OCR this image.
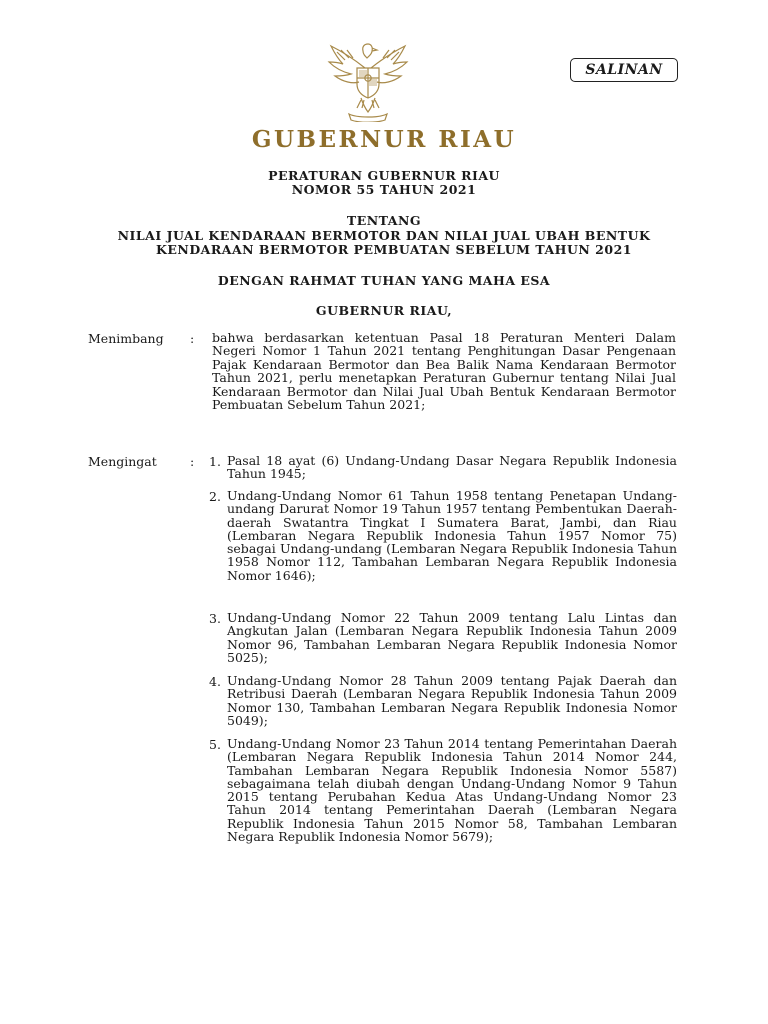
SALINAN
GUBERNUR RIAU
PERATURAN GUBERNUR RIAU
NOMOR 55 TAHUN 2021
TENTANG
NILAI JUAL KENDARAAN BERMOTOR DAN NILAI JUAL UBAH BENTUK
KENDARAAN BERMOTOR PEMBUATAN SEBELUM TAHUN 2021
DENGAN RAHMAT TUHAN YANG MAHA ESA
GUBERNUR RIAU,
Menimbang : bahwa berdasarkan ketentuan Pasal 18 Peraturan Menteri Dalam Negeri Nomor 1 Tahun 2021 tentang Penghitungan Dasar Pengenaan Pajak Kendaraan Bermotor dan Bea Balik Nama Kendaraan Bermotor Tahun 2021, perlu menetapkan Peraturan Gubernur tentang Nilai Jual Kendaraan Bermotor dan Nilai Jual Ubah Bentuk Kendaraan Bermotor Pembuatan Sebelum Tahun 2021;

Mengingat	: 1. Pasal 18 ayat (6) Undang-Undang Dasar Negara Republik Indonesia Tahun 1945;

2. Undang-Undang Nomor 61 Tahun 1958 tentang Penetapan Undang-undang Darurat Nomor 19 Tahun 1957 tentang Pembentukan Daerah-daerah Swatantra Tingkat I Sumatera Barat, Jambi, dan Riau (Lembaran Negara Republik Indonesia Tahun 1957 Nomor 75) sebagai Undang-undang (Lembaran Negara Republik Indonesia Tahun 1958 Nomor 112, Tambahan Lembaran Negara Republik Indonesia Nomor 1646);

3. Undang-Undang Nomor 22 Tahun 2009 tentang Lalu Lintas dan Angkutan Jalan (Lembaran Negara Republik Indonesia Tahun 2009 Nomor 96, Tambahan Lembaran Negara Republik Indonesia Nomor 5025);

4. Undang-Undang Nomor 28 Tahun 2009 tentang Pajak Daerah dan Retribusi Daerah (Lembaran Negara Republik Indonesia Tahun 2009 Nomor 130, Tambahan Lembaran Negara Republik Indonesia Nomor 5049);

5. Undang-Undang Nomor 23 Tahun 2014 tentang Pemerintahan Daerah (Lembaran Negara Republik Indonesia Tahun 2014 Nomor 244, Tambahan Lembaran Negara Republik Indonesia Nomor 5587) sebagaimana telah diubah dengan Undang-Undang Nomor 9 Tahun 2015 tentang Perubahan Kedua Atas Undang-Undang Nomor 23 Tahun 2014 tentang Pemerintahan Daerah (Lembaran Negara Republik Indonesia Tahun 2015 Nomor 58, Tambahan Lembaran Negara Republik Indonesia Nomor 5679);
